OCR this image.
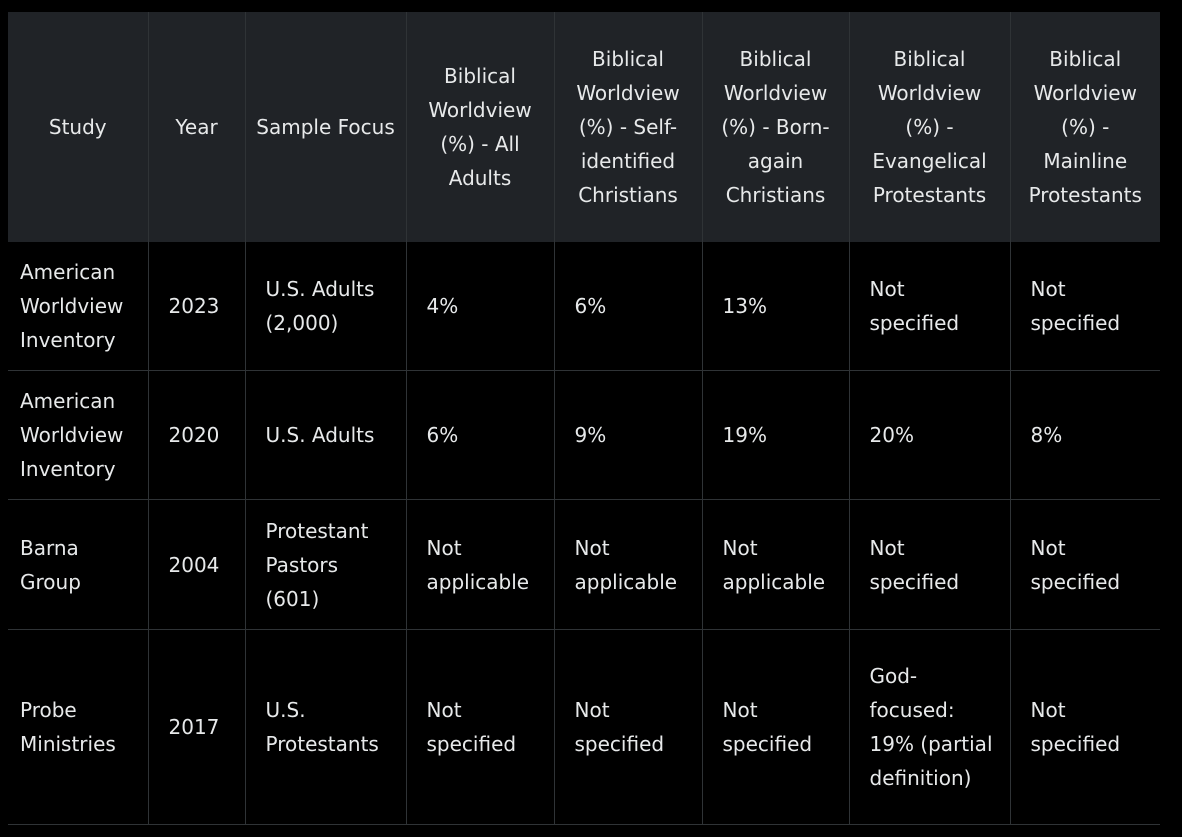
Study	Year	Sample Focus	Biblical Worldview (%) - All Adults	Biblical Worldview (%) - Self-identified Christians	Biblical Worldview (%) - Born-again Christians	Biblical Worldview (%) - Evangelical Protestants	Biblical Worldview (%) - Mainline Protestants
American Worldview Inventory	2023	U.S. Adults (2,000)	4%	6%	13%	Not specified	Not specified
American Worldview Inventory	2020	U.S. Adults	6%	9%	19%	20%	8%
Barna Group	2004	Protestant Pastors (601)	Not applicable	Not applicable	Not applicable	Not specified	Not specified
Probe Ministries	2017	U.S. Protestants	Not specified	Not specified	Not specified	God-focused: 19% (partial definition)	Not specified
